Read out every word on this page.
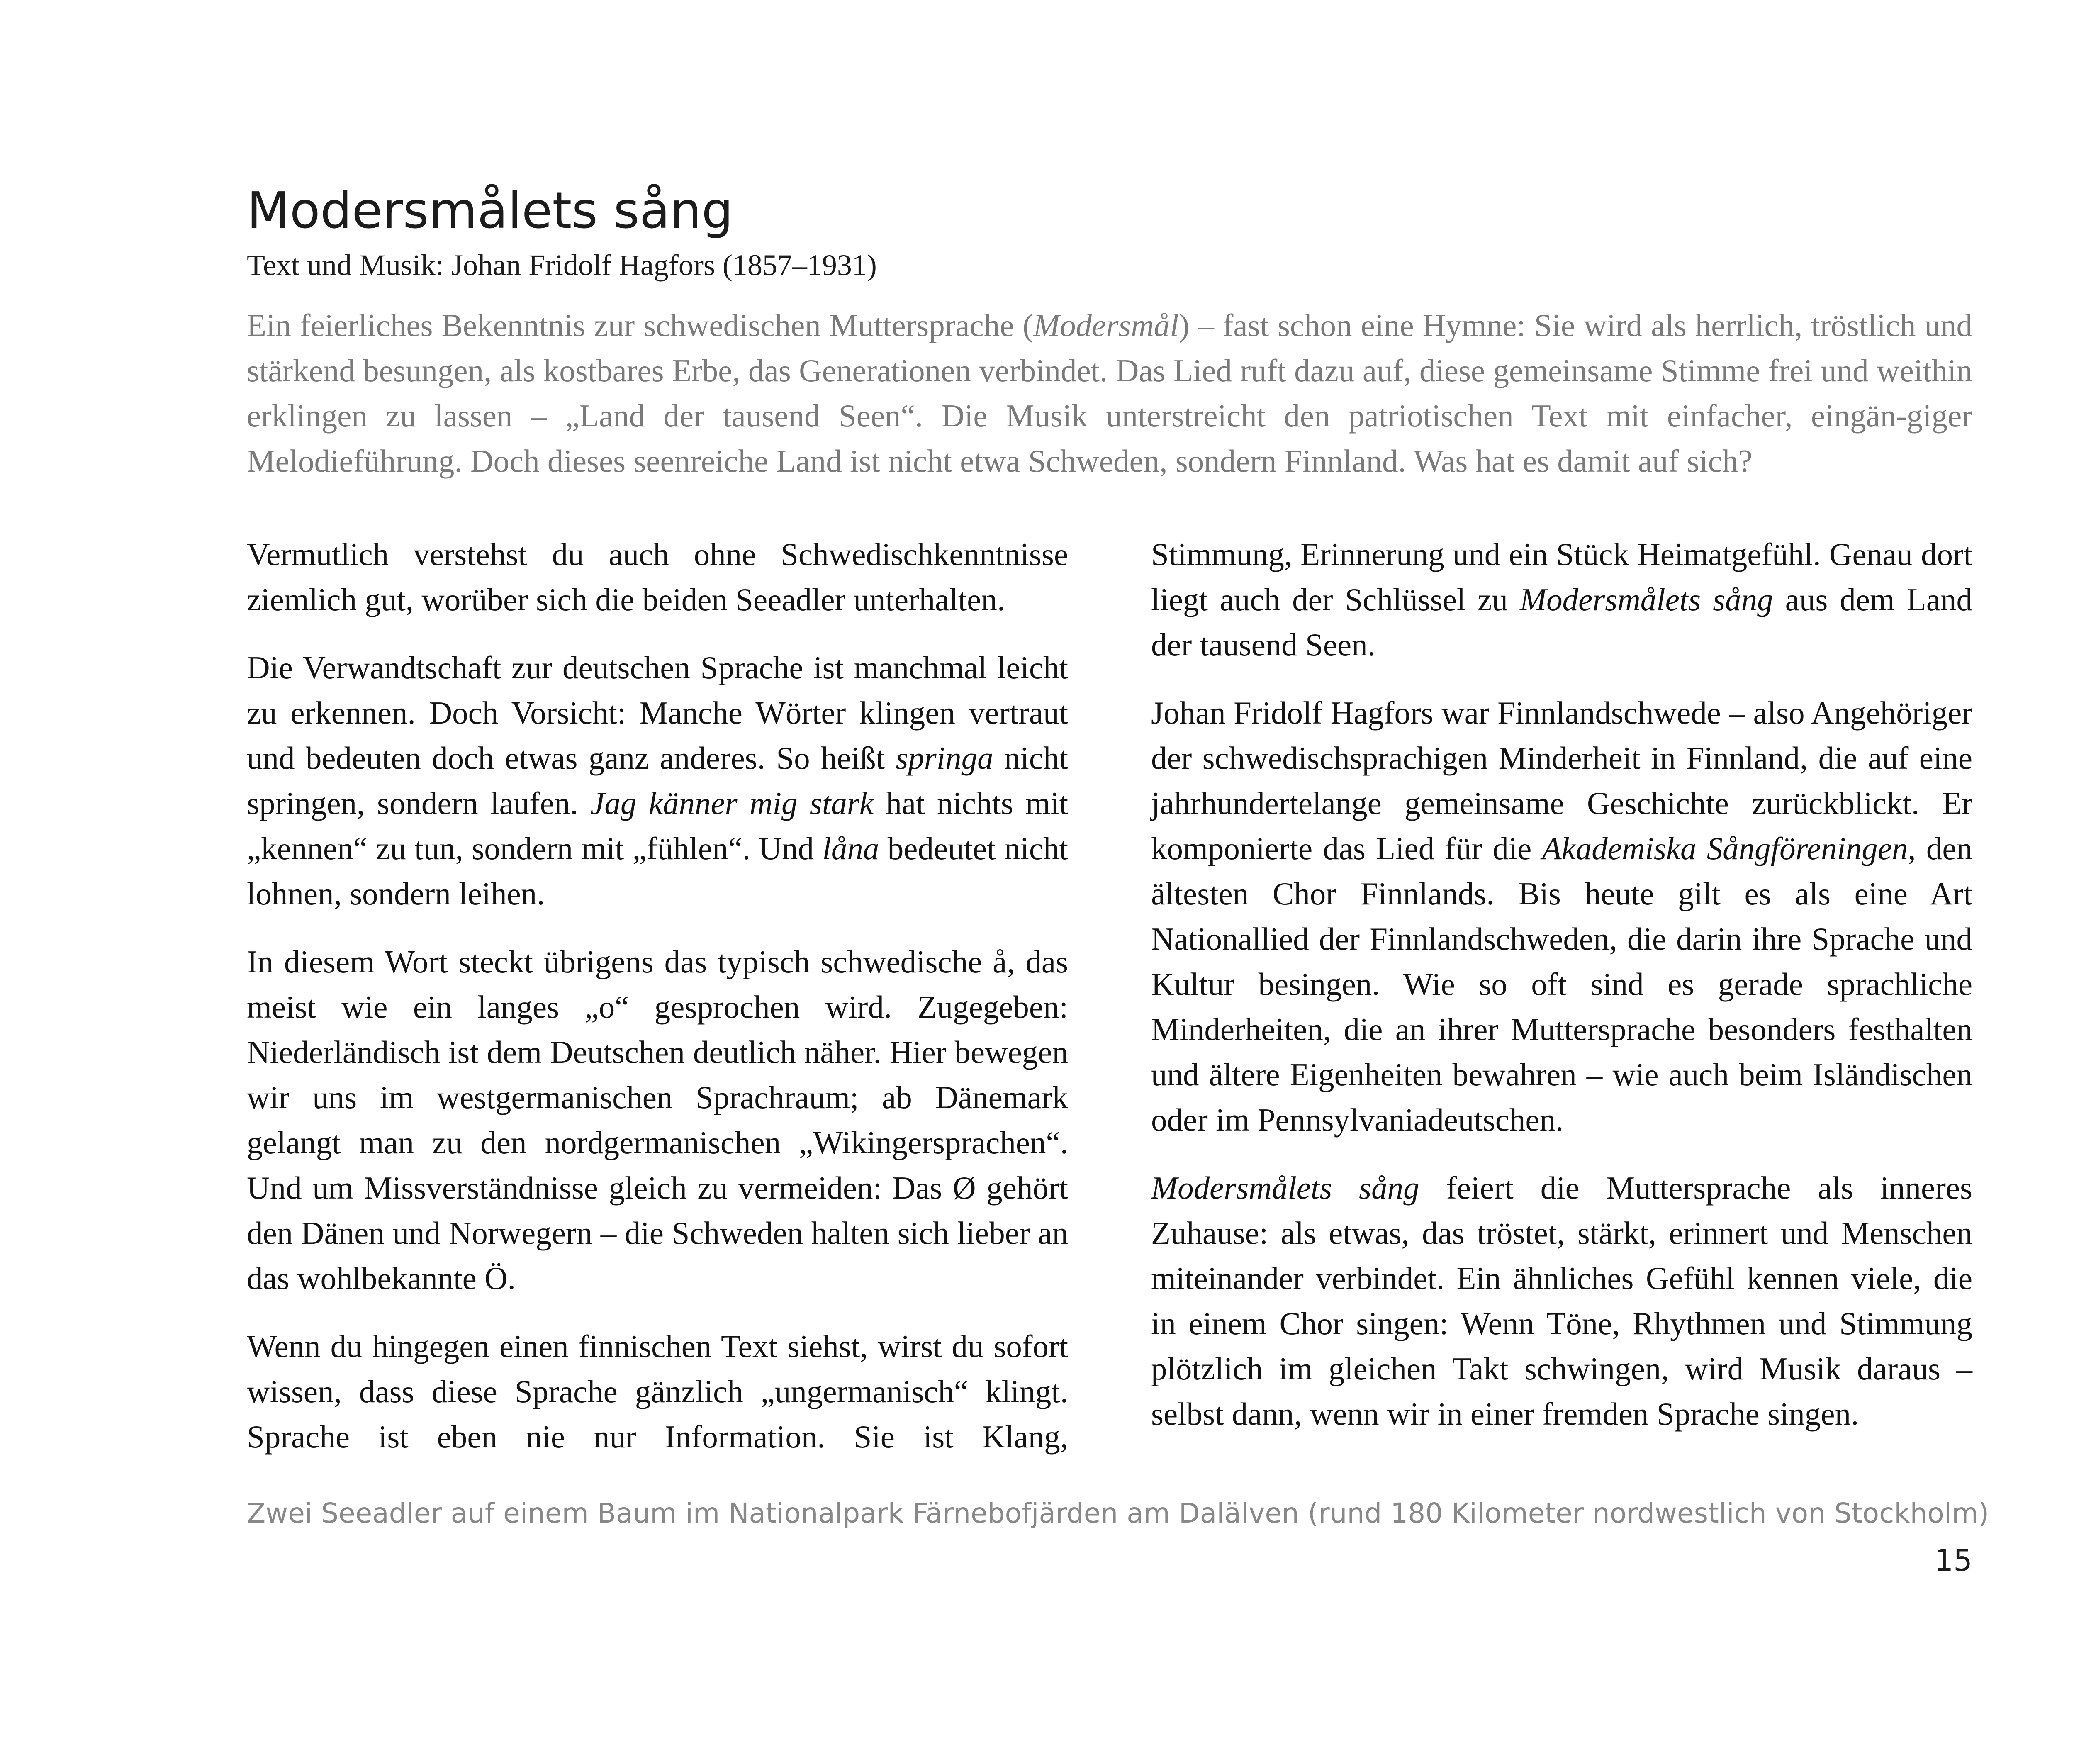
Modersmålets sång
Text und Musik: Johan Fridolf Hagfors (1857–1931)

Ein feierliches Bekenntnis zur schwedischen Muttersprache (Modersmål) – fast schon eine Hymne: Sie wird als herrlich, tröstlich und stärkend besungen, als kostbares Erbe, das Generationen verbindet. Das Lied ruft dazu auf, diese gemeinsame Stimme frei und weithin erklingen zu lassen – „Land der tausend Seen“. Die Musik unterstreicht den patriotischen Text mit einfacher, eingän-giger Melodieführung. Doch dieses seenreiche Land ist nicht etwa Schweden, sondern Finnland. Was hat es damit auf sich?

Vermutlich verstehst du auch ohne Schwedischkenntnisse ziemlich gut, worüber sich die beiden Seeadler unterhalten.

Die Verwandtschaft zur deutschen Sprache ist manchmal leicht zu erkennen. Doch Vorsicht: Manche Wörter klingen vertraut und bedeuten doch etwas ganz anderes. So heißt springa nicht springen, sondern laufen. Jag känner mig stark hat nichts mit „kennen“ zu tun, sondern mit „fühlen“. Und låna bedeutet nicht lohnen, sondern leihen.

In diesem Wort steckt übrigens das typisch schwedische å, das meist wie ein langes „o“ gesprochen wird. Zugegeben: Niederländisch ist dem Deutschen deutlich näher. Hier bewegen wir uns im westgermanischen Sprachraum; ab Dänemark gelangt man zu den nordgermanischen „Wikingersprachen“. Und um Missverständnisse gleich zu vermeiden: Das Ø gehört den Dänen und Norwegern – die Schweden halten sich lieber an das wohlbekannte Ö.

Wenn du hingegen einen finnischen Text siehst, wirst du sofort wissen, dass diese Sprache gänzlich „ungermanisch“ klingt. Sprache ist eben nie nur Information. Sie ist Klang,

Stimmung, Erinnerung und ein Stück Heimatgefühl. Genau dort liegt auch der Schlüssel zu Modersmålets sång aus dem Land der tausend Seen.

Johan Fridolf Hagfors war Finnlandschwede – also Angehöriger der schwedischsprachigen Minderheit in Finnland, die auf eine jahrhundertelange gemeinsame Geschichte zurückblickt. Er komponierte das Lied für die Akademiska Sångföreningen, den ältesten Chor Finnlands. Bis heute gilt es als eine Art Nationallied der Finnlandschweden, die darin ihre Sprache und Kultur besingen. Wie so oft sind es gerade sprachliche Minderheiten, die an ihrer Muttersprache besonders festhalten und ältere Eigenheiten bewahren – wie auch beim Isländischen oder im Pennsylvaniadeutschen.

Modersmålets sång feiert die Muttersprache als inneres Zuhause: als etwas, das tröstet, stärkt, erinnert und Menschen miteinander verbindet. Ein ähnliches Gefühl kennen viele, die in einem Chor singen: Wenn Töne, Rhythmen und Stimmung plötzlich im gleichen Takt schwingen, wird Musik daraus – selbst dann, wenn wir in einer fremden Sprache singen.

Zwei Seeadler auf einem Baum im Nationalpark Färnebofjärden am Dalälven (rund 180 Kilometer nordwestlich von Stockholm)
15
